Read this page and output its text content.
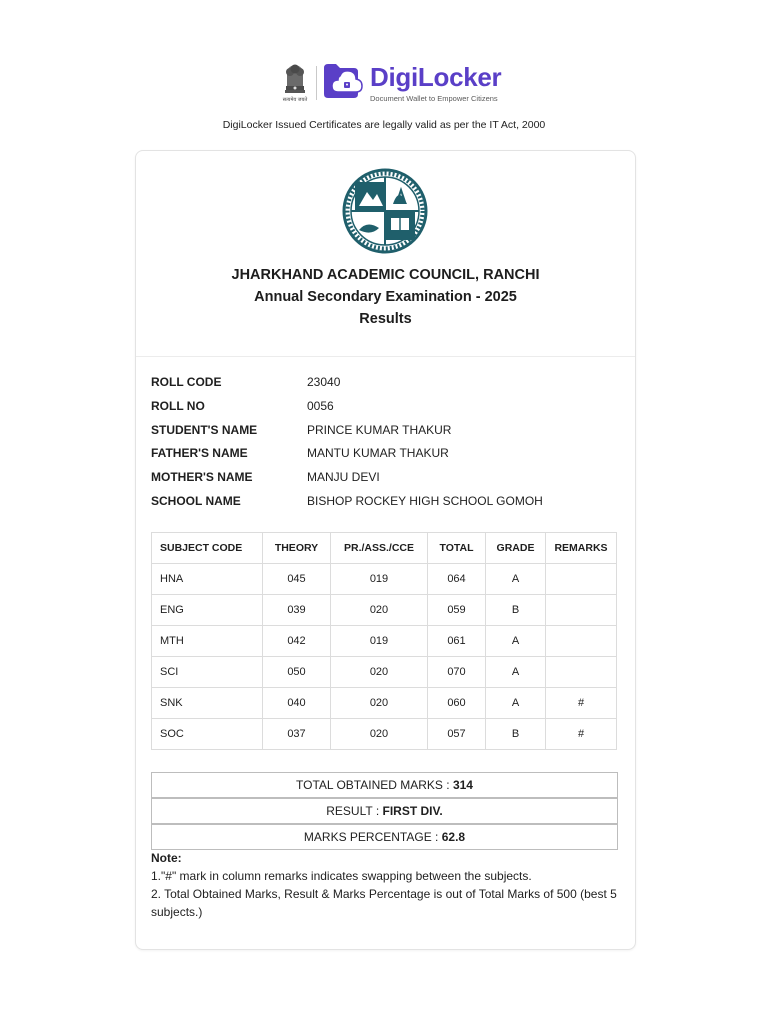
सत्यमेव जयते
DigiLocker
Document Wallet to Empower Citizens
DigiLocker Issued Certificates are legally valid as per the IT Act, 2000
JHARKHAND ACADEMIC COUNCIL, RANCHI
Annual Secondary Examination - 2025
Results
ROLL CODE	23040
ROLL NO	0056
STUDENT'S NAME	PRINCE KUMAR THAKUR
FATHER'S NAME	MANTU KUMAR THAKUR
MOTHER'S NAME	MANJU DEVI
SCHOOL NAME	BISHOP ROCKEY HIGH SCHOOL GOMOH
SUBJECT CODE	THEORY	PR./ASS./CCE	TOTAL	GRADE	REMARKS
HNA	045	019	064	A	
ENG	039	020	059	B	
MTH	042	019	061	A	
SCI	050	020	070	A	
SNK	040	020	060	A	#
SOC	037	020	057	B	#
TOTAL OBTAINED MARKS : 314
RESULT : FIRST DIV.
MARKS PERCENTAGE : 62.8
Note:
1."#" mark in column remarks indicates swapping between the subjects.
2. Total Obtained Marks, Result & Marks Percentage is out of Total Marks of 500 (best 5 subjects.)
